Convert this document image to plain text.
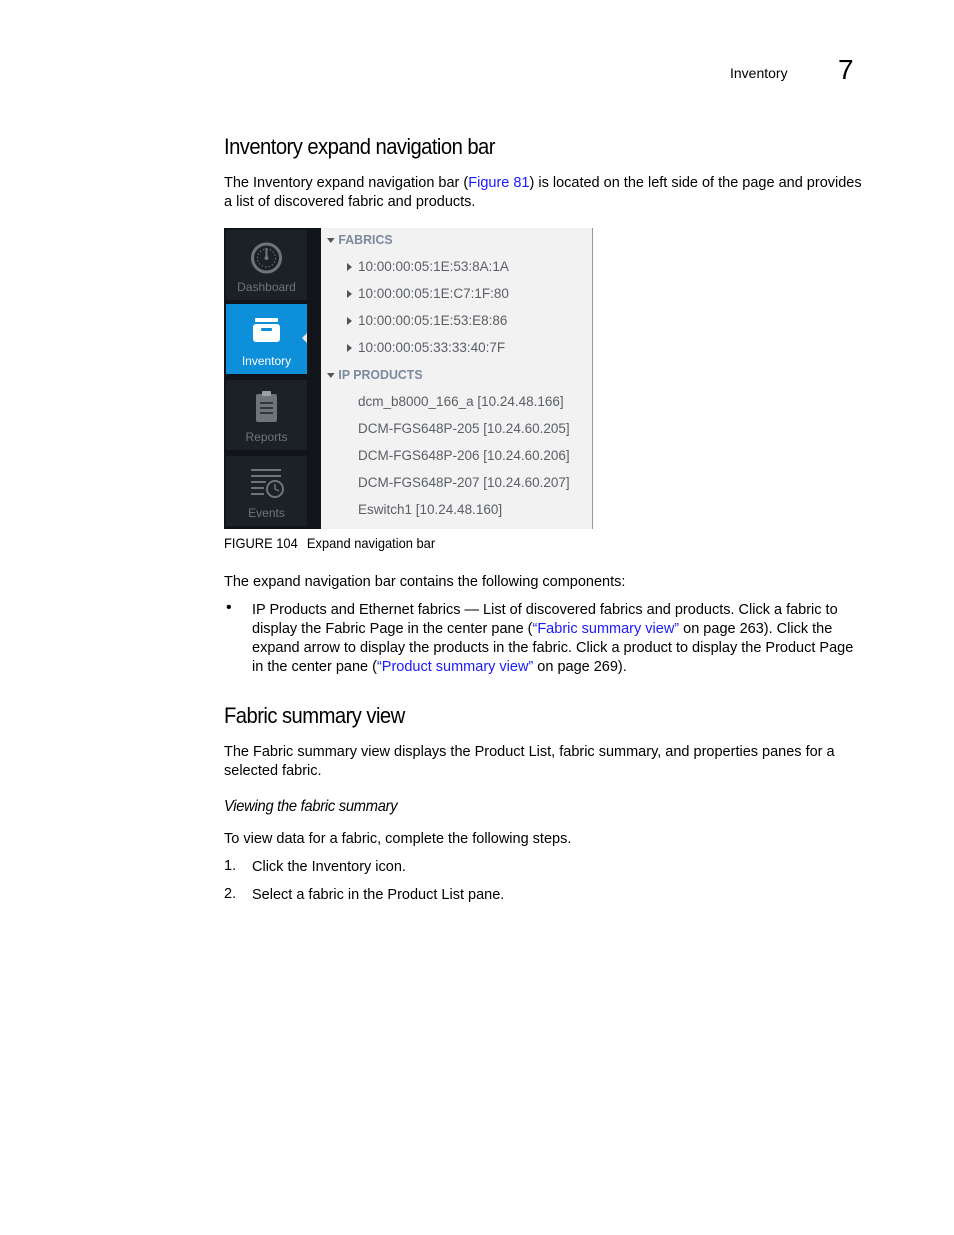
Inventory 7
Inventory expand navigation bar

The Inventory expand navigation bar (Figure 81) is located on the left side of the page and provides
a list of discovered fabric and products.

Dashboard
Inventory
Reports
Events
FABRICS
10:00:00:05:1E:53:8A:1A
10:00:00:05:1E:C7:1F:80
10:00:00:05:1E:53:E8:86
10:00:00:05:33:33:40:7F
IP PRODUCTS
dcm_b8000_166_a [10.24.48.166]
DCM-FGS648P-205 [10.24.60.205]
DCM-FGS648P-206 [10.24.60.206]
DCM-FGS648P-207 [10.24.60.207]
Eswitch1 [10.24.48.160]
FIGURE 104 Expand navigation bar

The expand navigation bar contains the following components:

• IP Products and Ethernet fabrics — List of discovered fabrics and products. Click a fabric to
display the Fabric Page in the center pane (“Fabric summary view” on page 263). Click the
expand arrow to display the products in the fabric. Click a product to display the Product Page
in the center pane (“Product summary view” on page 269).

Fabric summary view

The Fabric summary view displays the Product List, fabric summary, and properties panes for a
selected fabric.

Viewing the fabric summary

To view data for a fabric, complete the following steps.

1. Click the Inventory icon.

2. Select a fabric in the Product List pane.
